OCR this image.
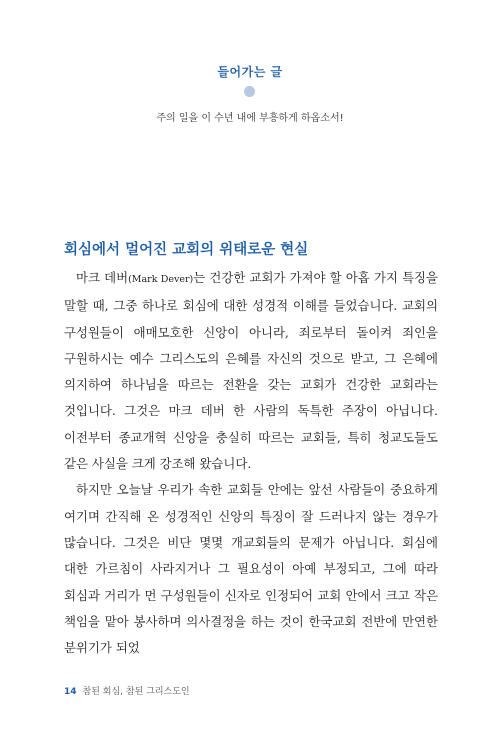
들어가는 글
주의 일을 이 수년 내에 부흥하게 하옵소서!
회심에서 멀어진 교회의 위태로운 현실

마크 데버(Mark Dever)는 건강한 교회가 가져야 할 아홉 가지 특징을 말할 때, 그중 하나로 회심에 대한 성경적 이해를 들었습니다. 교회의 구성원들이 애매모호한 신앙이 아니라, 죄로부터 돌이켜 죄인을 구원하시는 예수 그리스도의 은혜를 자신의 것으로 받고, 그 은혜에 의지하여 하나님을 따르는 전환을 갖는 교회가 건강한 교회라는 것입니다. 그것은 마크 데버 한 사람의 독특한 주장이 아닙니다. 이전부터 종교개혁 신앙을 충실히 따르는 교회들, 특히 청교도들도 같은 사실을 크게 강조해 왔습니다.

하지만 오늘날 우리가 속한 교회들 안에는 앞선 사람들이 중요하게 여기며 간직해 온 성경적인 신앙의 특징이 잘 드러나지 않는 경우가 많습니다. 그것은 비단 몇몇 개교회들의 문제가 아닙니다. 회심에 대한 가르침이 사라지거나 그 필요성이 아예 부정되고, 그에 따라 회심과 거리가 먼 구성원들이 신자로 인정되어 교회 안에서 크고 작은 책임을 맡아 봉사하며 의사결정을 하는 것이 한국교회 전반에 만연한 분위기가 되었

14 참된 회심, 참된 그리스도인
